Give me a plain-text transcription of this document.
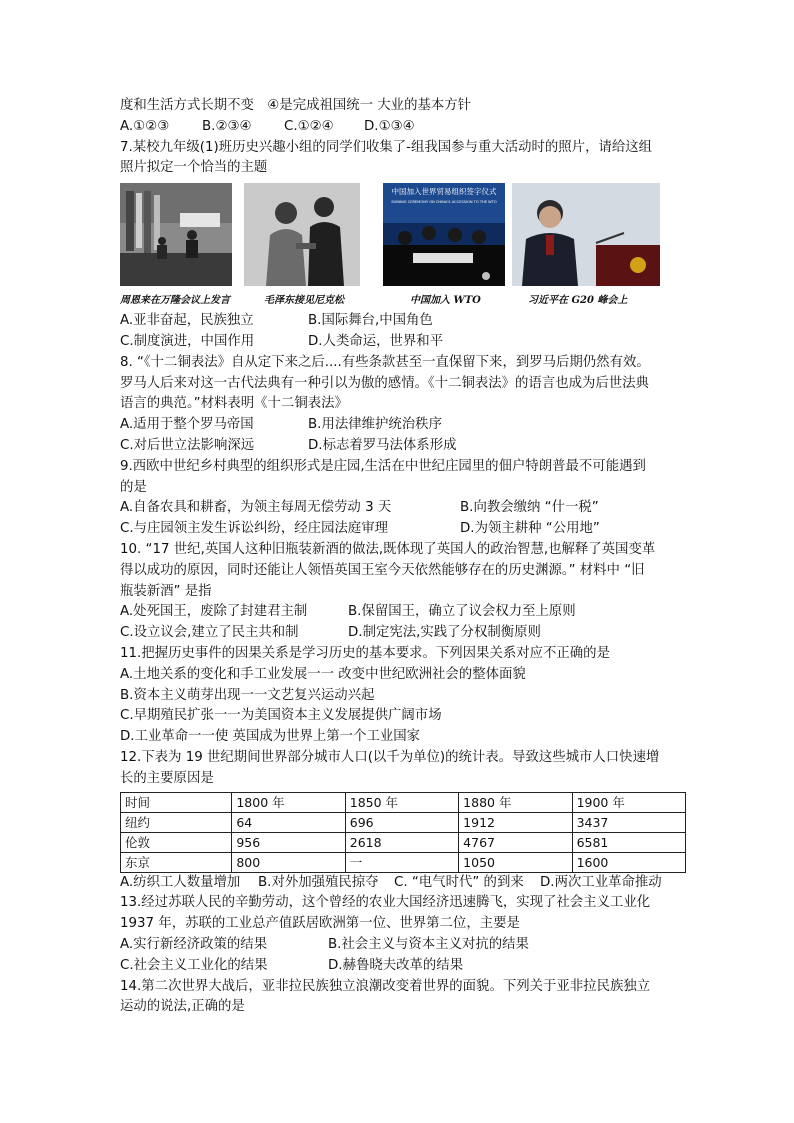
度和生活方式长期不变　④是完成祖国统一 大业的基本方针
A.①②③ B.②③④ C.①②④ D.①③④
7.某校九年级(1)班历史兴趣小组的同学们收集了-组我国参与重大活动时的照片，请给这组
照片拟定一个恰当的主题
中国加入世界贸易组织签字仪式
SIGNING CEREMONY ON CHINA'S ACCESSION TO THE WTO
周恩来在万隆会议上发言	毛泽东接见尼克松	中国加入 WTO	习近平在 G20 峰会上
A.亚非奋起，民族独立	B.国际舞台,中国角色
C.制度演进，中国作用	D.人类命运，世界和平
8. “《十二铜表法》自从定下来之后....有些条款甚至一直保留下来，到罗马后期仍然有效。
罗马人后来对这一古代法典有一种引以为傲的感情。《十二铜表法》的语言也成为后世法典
语言的典范。”材料表明《十二铜表法》
A.适用于整个罗马帝国	B.用法律维护统治秩序
C.对后世立法影响深远	D.标志着罗马法体系形成
9.西欧中世纪乡村典型的组织形式是庄园,生活在中世纪庄园里的佃户特朗普最不可能遇到
的是
A.自备农具和耕畜，为领主每周无偿劳动 3 天	B.向教会缴纳 “什一税”
C.与庄园领主发生诉讼纠纷，经庄园法庭审理	D.为领主耕种 “公用地”
10. “17 世纪,英国人这种旧瓶装新酒的做法,既体现了英国人的政治智慧,也解释了英国变革
得以成功的原因，同时还能让人领悟英国王室今天依然能够存在的历史渊源。” 材料中 “旧
瓶装新酒” 是指
A.处死国王，废除了封建君主制	B.保留国王，确立了议会权力至上原则
C.设立议会,建立了民主共和制	D.制定宪法,实践了分权制衡原则
11.把握历史事件的因果关系是学习历史的基本要求。下列因果关系对应不正确的是
A.土地关系的变化和手工业发展一一 改变中世纪欧洲社会的整体面貌
B.资本主义萌芽出现一一文艺复兴运动兴起
C.早期殖民扩张一一为美国资本主义发展提供广阔市场
D.工业革命一一使 英国成为世界上第一个工业国家
12.下表为 19 世纪期间世界部分城市人口(以千为单位)的统计表。导致这些城市人口快速增
长的主要原因是
时间	1800 年	1850 年	1880 年	1900 年
纽约	64	696	1912	3437
伦敦	956	2618	4767	6581
东京	800	一	1050	1600
A.纺织工人数量增加 B.对外加强殖民掠夺 C. “电气时代” 的到来 D.两次工业革命推动
13.经过苏联人民的辛勤劳动，这个曾经的农业大国经济迅速腾飞，实现了社会主义工业化
1937 年，苏联的工业总产值跃居欧洲第一位、世界第二位，主要是
A.实行新经济政策的结果	B.社会主义与资本主义对抗的结果
C.社会主义工业化的结果	D.赫鲁晓夫改革的结果
14.第二次世界大战后，亚非拉民族独立浪潮改变着世界的面貌。下列关于亚非拉民族独立
运动的说法,正确的是
